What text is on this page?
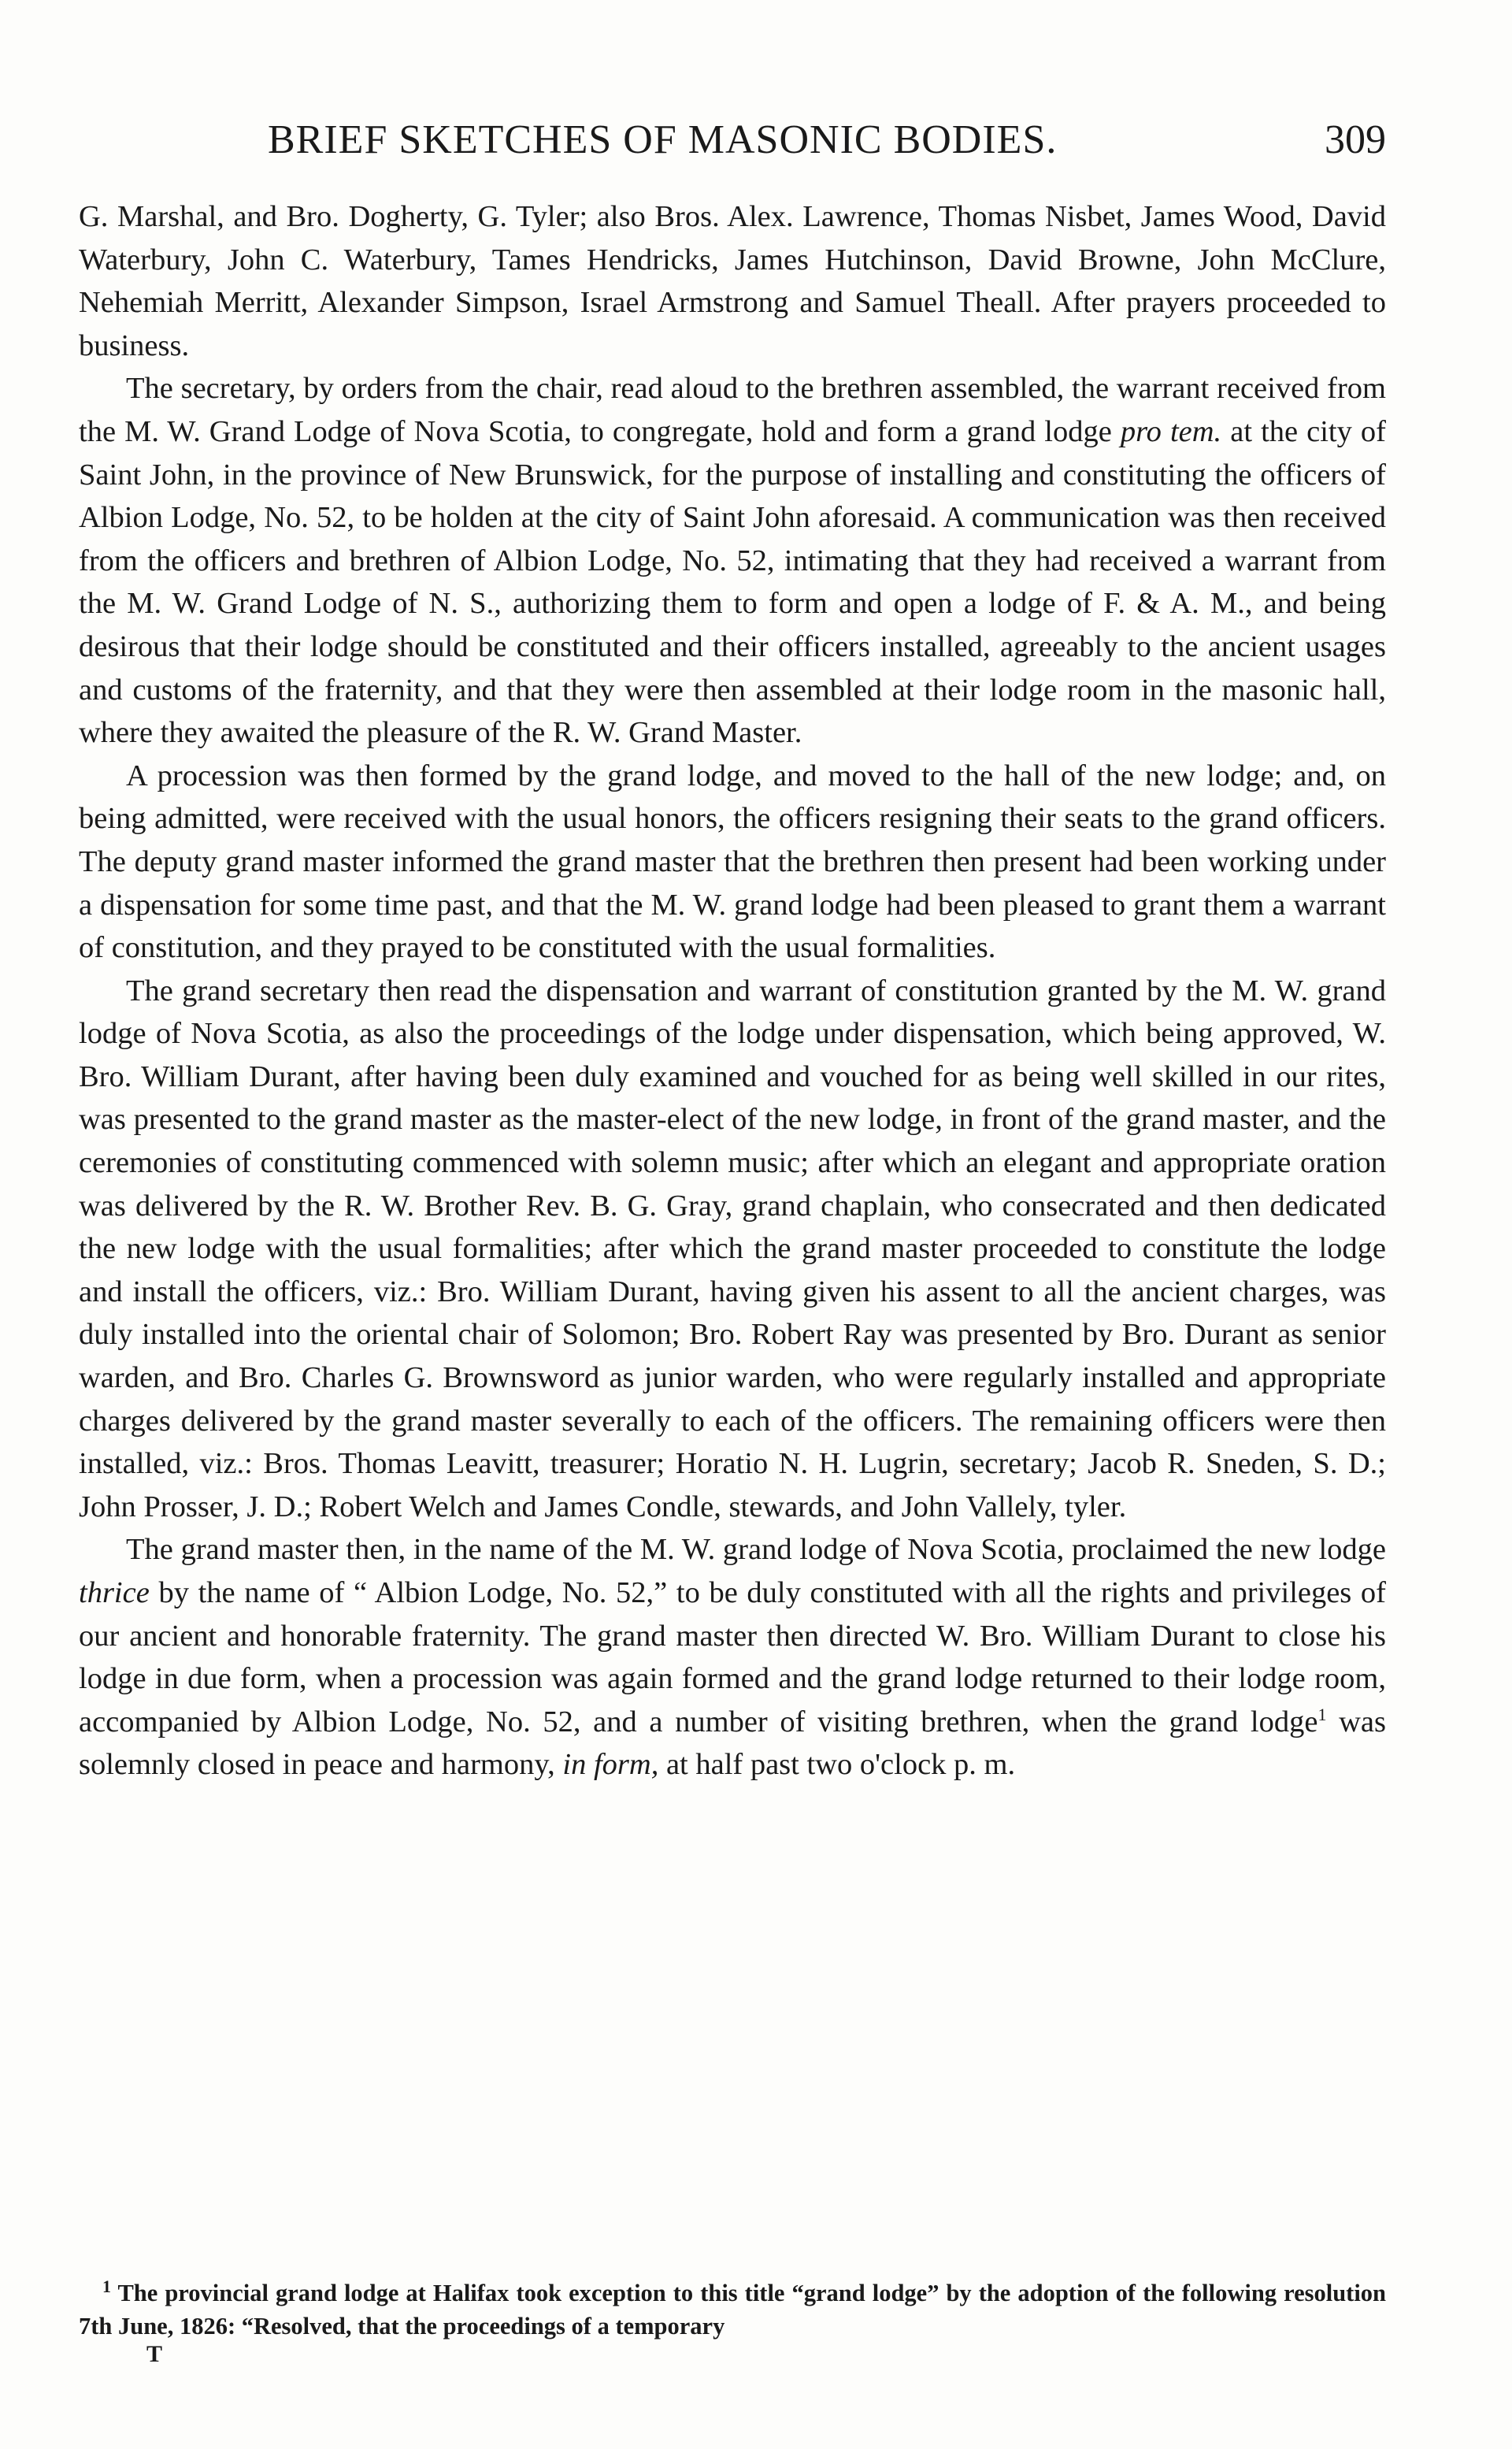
BRIEF SKETCHES OF MASONIC BODIES.	309

G. Marshal, and Bro. Dogherty, G. Tyler; also Bros. Alex. Lawrence, Thomas Nisbet, James Wood, David Waterbury, John C. Waterbury, Tames Hendricks, James Hutchinson, David Browne, John McClure, Nehemiah Merritt, Alexander Simpson, Israel Armstrong and Samuel Theall. After prayers proceeded to business.

The secretary, by orders from the chair, read aloud to the brethren assembled, the warrant received from the M. W. Grand Lodge of Nova Scotia, to congregate, hold and form a grand lodge pro tem. at the city of Saint John, in the province of New Brunswick, for the purpose of installing and constituting the officers of Albion Lodge, No. 52, to be holden at the city of Saint John aforesaid. A communication was then received from the officers and brethren of Albion Lodge, No. 52, intimating that they had received a warrant from the M. W. Grand Lodge of N. S., authorizing them to form and open a lodge of F. & A. M., and being desirous that their lodge should be constituted and their officers installed, agreeably to the ancient usages and customs of the fraternity, and that they were then assembled at their lodge room in the masonic hall, where they awaited the pleasure of the R. W. Grand Master.

A procession was then formed by the grand lodge, and moved to the hall of the new lodge; and, on being admitted, were received with the usual honors, the officers resigning their seats to the grand officers. The deputy grand master informed the grand master that the brethren then present had been working under a dispensation for some time past, and that the M. W. grand lodge had been pleased to grant them a warrant of constitution, and they prayed to be constituted with the usual formalities.

The grand secretary then read the dispensation and warrant of constitution granted by the M. W. grand lodge of Nova Scotia, as also the proceedings of the lodge under dispensation, which being approved, W. Bro. William Durant, after having been duly examined and vouched for as being well skilled in our rites, was presented to the grand master as the master-elect of the new lodge, in front of the grand master, and the ceremonies of constituting commenced with solemn music; after which an elegant and appropriate oration was delivered by the R. W. Brother Rev. B. G. Gray, grand chaplain, who consecrated and then dedicated the new lodge with the usual formalities; after which the grand master proceeded to constitute the lodge and install the officers, viz.: Bro. William Durant, having given his assent to all the ancient charges, was duly installed into the oriental chair of Solomon; Bro. Robert Ray was presented by Bro. Durant as senior warden, and Bro. Charles G. Brownsword as junior warden, who were regularly installed and appropriate charges delivered by the grand master severally to each of the officers. The remaining officers were then installed, viz.: Bros. Thomas Leavitt, treasurer; Horatio N. H. Lugrin, secretary; Jacob R. Sneden, S. D.; John Prosser, J. D.; Robert Welch and James Condle, stewards, and John Vallely, tyler.

The grand master then, in the name of the M. W. grand lodge of Nova Scotia, proclaimed the new lodge thrice by the name of “ Albion Lodge, No. 52,” to be duly constituted with all the rights and privileges of our ancient and honorable fraternity. The grand master then directed W. Bro. William Durant to close his lodge in due form, when a procession was again formed and the grand lodge returned to their lodge room, accompanied by Albion Lodge, No. 52, and a number of visiting brethren, when the grand lodge$^1$ was solemnly closed in peace and harmony, in form, at half past two o'clock p. m.

$^1$ The provincial grand lodge at Halifax took exception to this title “grand lodge” by the adoption of the following resolution 7th June, 1826: “Resolved, that the proceedings of a temporary

T
